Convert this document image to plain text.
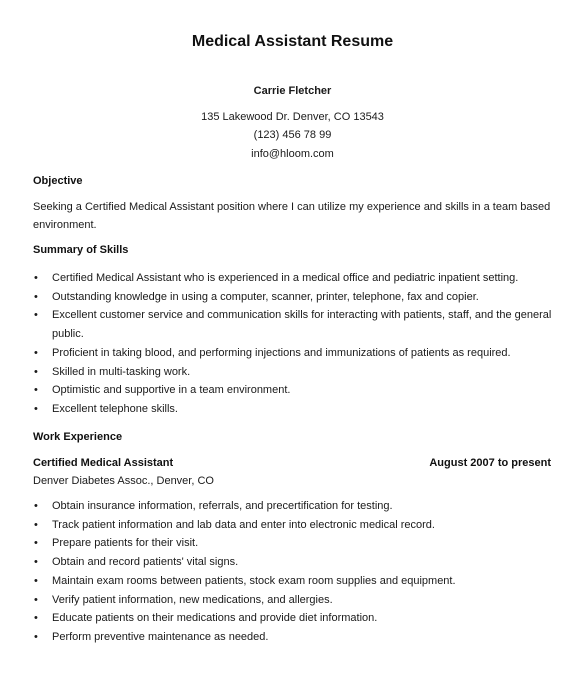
Medical Assistant Resume
Carrie Fletcher
135 Lakewood Dr. Denver, CO 13543
(123) 456 78 99
info@hloom.com
Objective
Seeking a Certified Medical Assistant position where I can utilize my experience and skills in a team based environment.
Summary of Skills
• Certified Medical Assistant who is experienced in a medical office and pediatric inpatient setting.
• Outstanding knowledge in using a computer, scanner, printer, telephone, fax and copier.
• Excellent customer service and communication skills for interacting with patients, staff, and the general public.
• Proficient in taking blood, and performing injections and immunizations of patients as required.
• Skilled in multi-tasking work.
• Optimistic and supportive in a team environment.
• Excellent telephone skills.
Work Experience
Certified Medical Assistant	August 2007 to present
Denver Diabetes Assoc., Denver, CO
• Obtain insurance information, referrals, and precertification for testing.
• Track patient information and lab data and enter into electronic medical record.
• Prepare patients for their visit.
• Obtain and record patients' vital signs.
• Maintain exam rooms between patients, stock exam room supplies and equipment.
• Verify patient information, new medications, and allergies.
• Educate patients on their medications and provide diet information.
• Perform preventive maintenance as needed.
